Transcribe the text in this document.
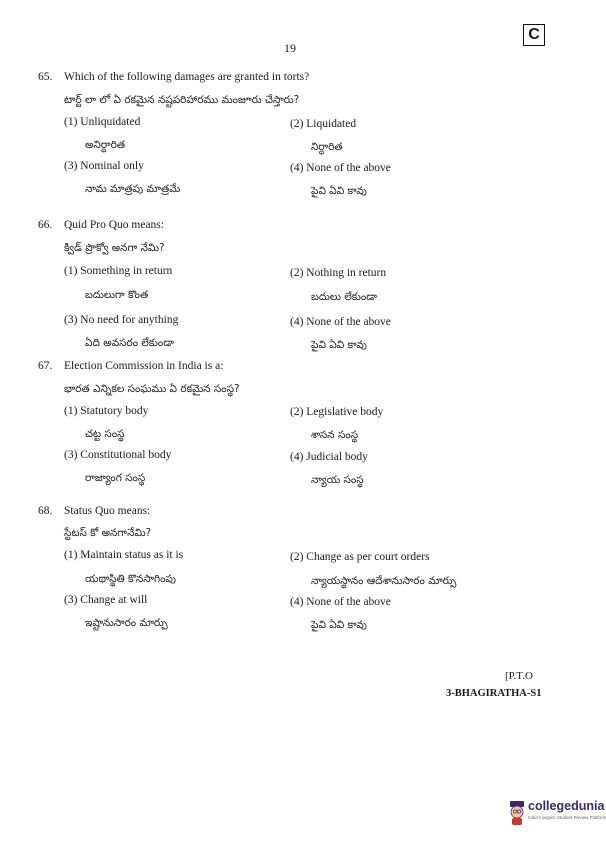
19
C
65. Which of the following damages are granted in torts?
టార్ట్ లా లో ఏ రకమైన నష్టపరిహారము మంజూరు చేస్తారు?
(1) Unliquidated
అనిర్ధారిత
(2) Liquidated
నిర్ధారిత
(3) Nominal only
నామ మాత్రపు మాత్రమే
(4) None of the above
పైవి ఏవి కావు
66. Quid Pro Quo means:
క్విడ్ ప్రొక్వో అనగా నేమి?
(1) Something in return
బదులుగా కొంత
(2) Nothing in return
బదులు లేకుండా
(3) No need for anything
ఏది అవసరం లేకుండా
(4) None of the above
పైవి ఏవి కావు
67. Election Commission in India is a:
భారత ఎన్నికల సంఘము ఏ రకమైన సంస్థ?
(1) Statutory body
చట్ట సంస్థ
(2) Legislative body
శాసన సంస్థ
(3) Constitutional body
రాజ్యాంగ సంస్థ
(4) Judicial body
న్యాయ సంస్థ
68. Status Quo means:
స్టేటస్ కో అనగానేమి?
(1) Maintain status as it is
యథాస్థితి కొనసాగింపు
(2) Change as per court orders
న్యాయస్థానం ఆదేశానుసారం మార్పు
(3) Change at will
ఇష్టానుసారం మార్పు
(4) None of the above
పైవి ఏవి కావు
[P.T.O
3-BHAGIRATHA-S1
collegedunia
India's largest Student Review Platform
